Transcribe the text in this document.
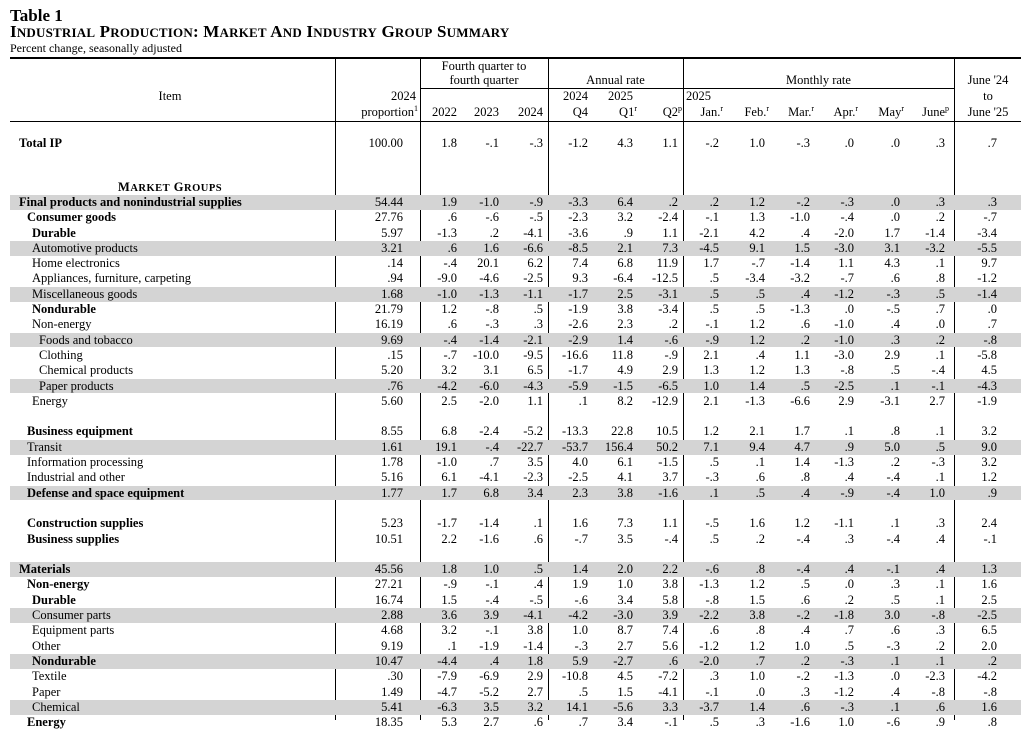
Table 1
INDUSTRIAL PRODUCTION: MARKET AND INDUSTRY GROUP SUMMARY
Percent change, seasonally adjusted
Item	2024
proportion$^1$
Fourth quarter to
fourth quarter
2022	2023	2024
Annual rate
2024	2025
Q4	Q1$^r$	Q2$^p$
Monthly rate
2025
Jan.$^r$	Feb.$^r$	Mar.$^r$	Apr.$^r$	May$^r$	June$^p$
June '24
to
June '25
Total IP	100.00	1.8	-.1	-.3	-1.2	4.3	1.1	-.2	1.0	-.3	.0	.0	.3	.7
MARKET GROUPS
Final products and nonindustrial supplies	54.44	1.9	-1.0	-.9	-3.3	6.4	.2	.2	1.2	-.2	-.3	.0	.3	.3
Consumer goods	27.76	.6	-.6	-.5	-2.3	3.2	-2.4	-.1	1.3	-1.0	-.4	.0	.2	-.7
Durable	5.97	-1.3	.2	-4.1	-3.6	.9	1.1	-2.1	4.2	.4	-2.0	1.7	-1.4	-3.4
Automotive products	3.21	.6	1.6	-6.6	-8.5	2.1	7.3	-4.5	9.1	1.5	-3.0	3.1	-3.2	-5.5
Home electronics	.14	-.4	20.1	6.2	7.4	6.8	11.9	1.7	-.7	-1.4	1.1	4.3	.1	9.7
Appliances, furniture, carpeting	.94	-9.0	-4.6	-2.5	9.3	-6.4	-12.5	.5	-3.4	-3.2	-.7	.6	.8	-1.2
Miscellaneous goods	1.68	-1.0	-1.3	-1.1	-1.7	2.5	-3.1	.5	.5	.4	-1.2	-.3	.5	-1.4
Nondurable	21.79	1.2	-.8	.5	-1.9	3.8	-3.4	.5	.5	-1.3	.0	-.5	.7	.0
Non-energy	16.19	.6	-.3	.3	-2.6	2.3	.2	-.1	1.2	.6	-1.0	.4	.0	.7
Foods and tobacco	9.69	-.4	-1.4	-2.1	-2.9	1.4	-.6	-.9	1.2	.2	-1.0	.3	.2	-.8
Clothing	.15	-.7	-10.0	-9.5	-16.6	11.8	-.9	2.1	.4	1.1	-3.0	2.9	.1	-5.8
Chemical products	5.20	3.2	3.1	6.5	-1.7	4.9	2.9	1.3	1.2	1.3	-.8	.5	-.4	4.5
Paper products	.76	-4.2	-6.0	-4.3	-5.9	-1.5	-6.5	1.0	1.4	.5	-2.5	.1	-.1	-4.3
Energy	5.60	2.5	-2.0	1.1	.1	8.2	-12.9	2.1	-1.3	-6.6	2.9	-3.1	2.7	-1.9
Business equipment	8.55	6.8	-2.4	-5.2	-13.3	22.8	10.5	1.2	2.1	1.7	.1	.8	.1	3.2
Transit	1.61	19.1	-.4	-22.7	-53.7	156.4	50.2	7.1	9.4	4.7	.9	5.0	.5	9.0
Information processing	1.78	-1.0	.7	3.5	4.0	6.1	-1.5	.5	.1	1.4	-1.3	.2	-.3	3.2
Industrial and other	5.16	6.1	-4.1	-2.3	-2.5	4.1	3.7	-.3	.6	.8	.4	-.4	.1	1.2
Defense and space equipment	1.77	1.7	6.8	3.4	2.3	3.8	-1.6	.1	.5	.4	-.9	-.4	1.0	.9
Construction supplies	5.23	-1.7	-1.4	.1	1.6	7.3	1.1	-.5	1.6	1.2	-1.1	.1	.3	2.4
Business supplies	10.51	2.2	-1.6	.6	-.7	3.5	-.4	.5	.2	-.4	.3	-.4	.4	-.1
Materials	45.56	1.8	1.0	.5	1.4	2.0	2.2	-.6	.8	-.4	.4	-.1	.4	1.3
Non-energy	27.21	-.9	-.1	.4	1.9	1.0	3.8	-1.3	1.2	.5	.0	.3	.1	1.6
Durable	16.74	1.5	-.4	-.5	-.6	3.4	5.8	-.8	1.5	.6	.2	.5	.1	2.5
Consumer parts	2.88	3.6	3.9	-4.1	-4.2	-3.0	3.9	-2.2	3.8	-.2	-1.8	3.0	-.8	-2.5
Equipment parts	4.68	3.2	-.1	3.8	1.0	8.7	7.4	.6	.8	.4	.7	.6	.3	6.5
Other	9.19	.1	-1.9	-1.4	-.3	2.7	5.6	-1.2	1.2	1.0	.5	-.3	.2	2.0
Nondurable	10.47	-4.4	.4	1.8	5.9	-2.7	.6	-2.0	.7	.2	-.3	.1	.1	.2
Textile	.30	-7.9	-6.9	2.9	-10.8	4.5	-7.2	.3	1.0	-.2	-1.3	.0	-2.3	-4.2
Paper	1.49	-4.7	-5.2	2.7	.5	1.5	-4.1	-.1	.0	.3	-1.2	.4	-.8	-.8
Chemical	5.41	-6.3	3.5	3.2	14.1	-5.6	3.3	-3.7	1.4	.6	-.3	.1	.6	1.6
Energy	18.35	5.3	2.7	.6	.7	3.4	-.1	.5	.3	-1.6	1.0	-.6	.9	.8
